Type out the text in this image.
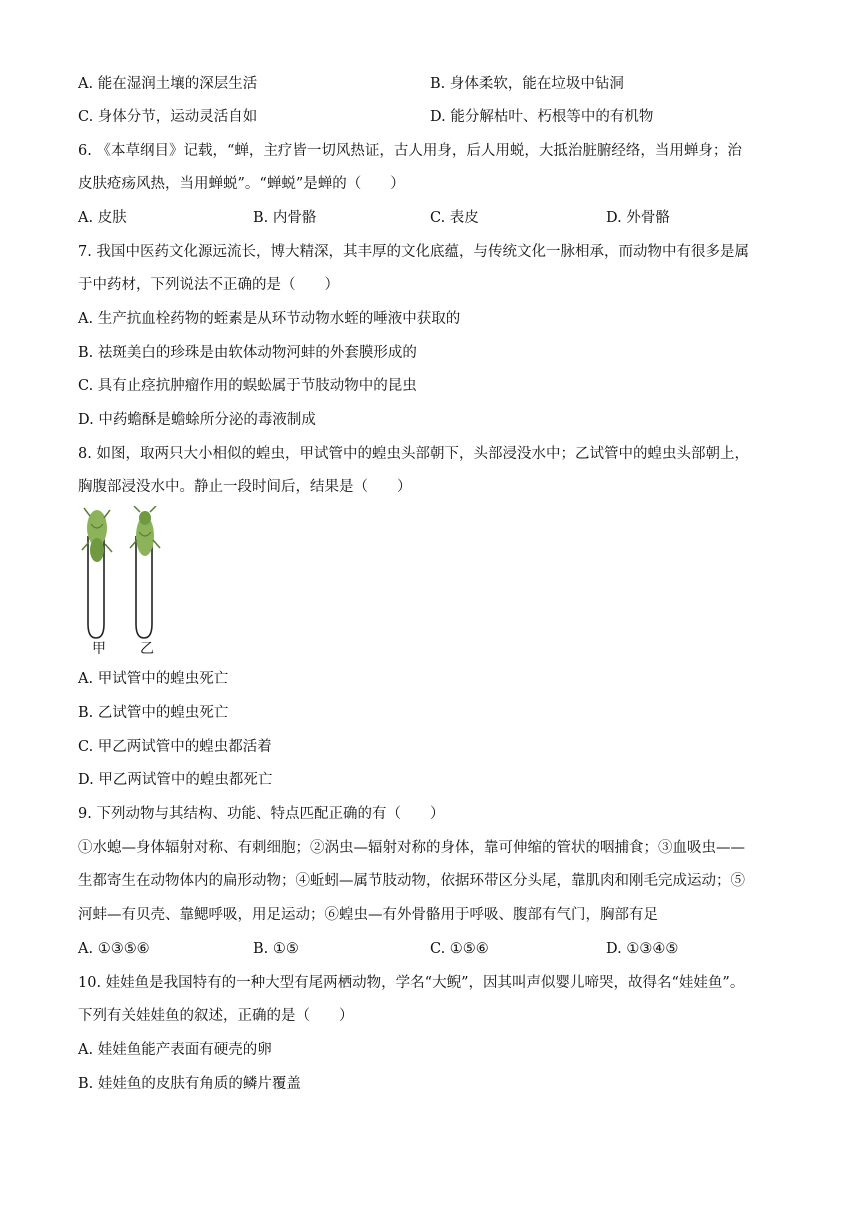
A. 能在湿润土壤的深层生活	B. 身体柔软，能在垃圾中钻洞
C. 身体分节，运动灵活自如	D. 能分解枯叶、朽根等中的有机物
6. 《本草纲目》记载，“蝉，主疗皆一切风热证，古人用身，后人用蜕，大抵治脏腑经络，当用蝉身；治
皮肤疮疡风热，当用蝉蜕”。“蝉蜕”是蝉的（　　）
A. 皮肤	B. 内骨骼	C. 表皮	D. 外骨骼
7. 我国中医药文化源远流长，博大精深，其丰厚的文化底蕴，与传统文化一脉相承，而动物中有很多是属
于中药材，下列说法不正确的是（　　）
A. 生产抗血栓药物的蛭素是从环节动物水蛭的唾液中获取的
B. 祛斑美白的珍珠是由软体动物河蚌的外套膜形成的
C. 具有止痉抗肿瘤作用的蜈蚣属于节肢动物中的昆虫
D. 中药蟾酥是蟾蜍所分泌的毒液制成
8. 如图，取两只大小相似的蝗虫，甲试管中的蝗虫头部朝下，头部浸没水中；乙试管中的蝗虫头部朝上，
胸腹部浸没水中。静止一段时间后，结果是（　　）
甲 乙
A. 甲试管中的蝗虫死亡
B. 乙试管中的蝗虫死亡
C. 甲乙两试管中的蝗虫都活着
D. 甲乙两试管中的蝗虫都死亡
9. 下列动物与其结构、功能、特点匹配正确的有（　　）
①水螅—身体辐射对称、有刺细胞；②涡虫—辐射对称的身体，靠可伸缩的管状的咽捕食；③血吸虫——
生都寄生在动物体内的扁形动物；④蚯蚓—属节肢动物，依据环带区分头尾，靠肌肉和刚毛完成运动；⑤
河蚌—有贝壳、靠鳃呼吸，用足运动；⑥蝗虫—有外骨骼用于呼吸、腹部有气门，胸部有足
A. ①③⑤⑥	B. ①⑤	C. ①⑤⑥	D. ①③④⑤
10. 娃娃鱼是我国特有的一种大型有尾两栖动物，学名“大鲵”，因其叫声似婴儿啼哭，故得名“娃娃鱼”。
下列有关娃娃鱼的叙述，正确的是（　　）
A. 娃娃鱼能产表面有硬壳的卵
B. 娃娃鱼的皮肤有角质的鳞片覆盖
